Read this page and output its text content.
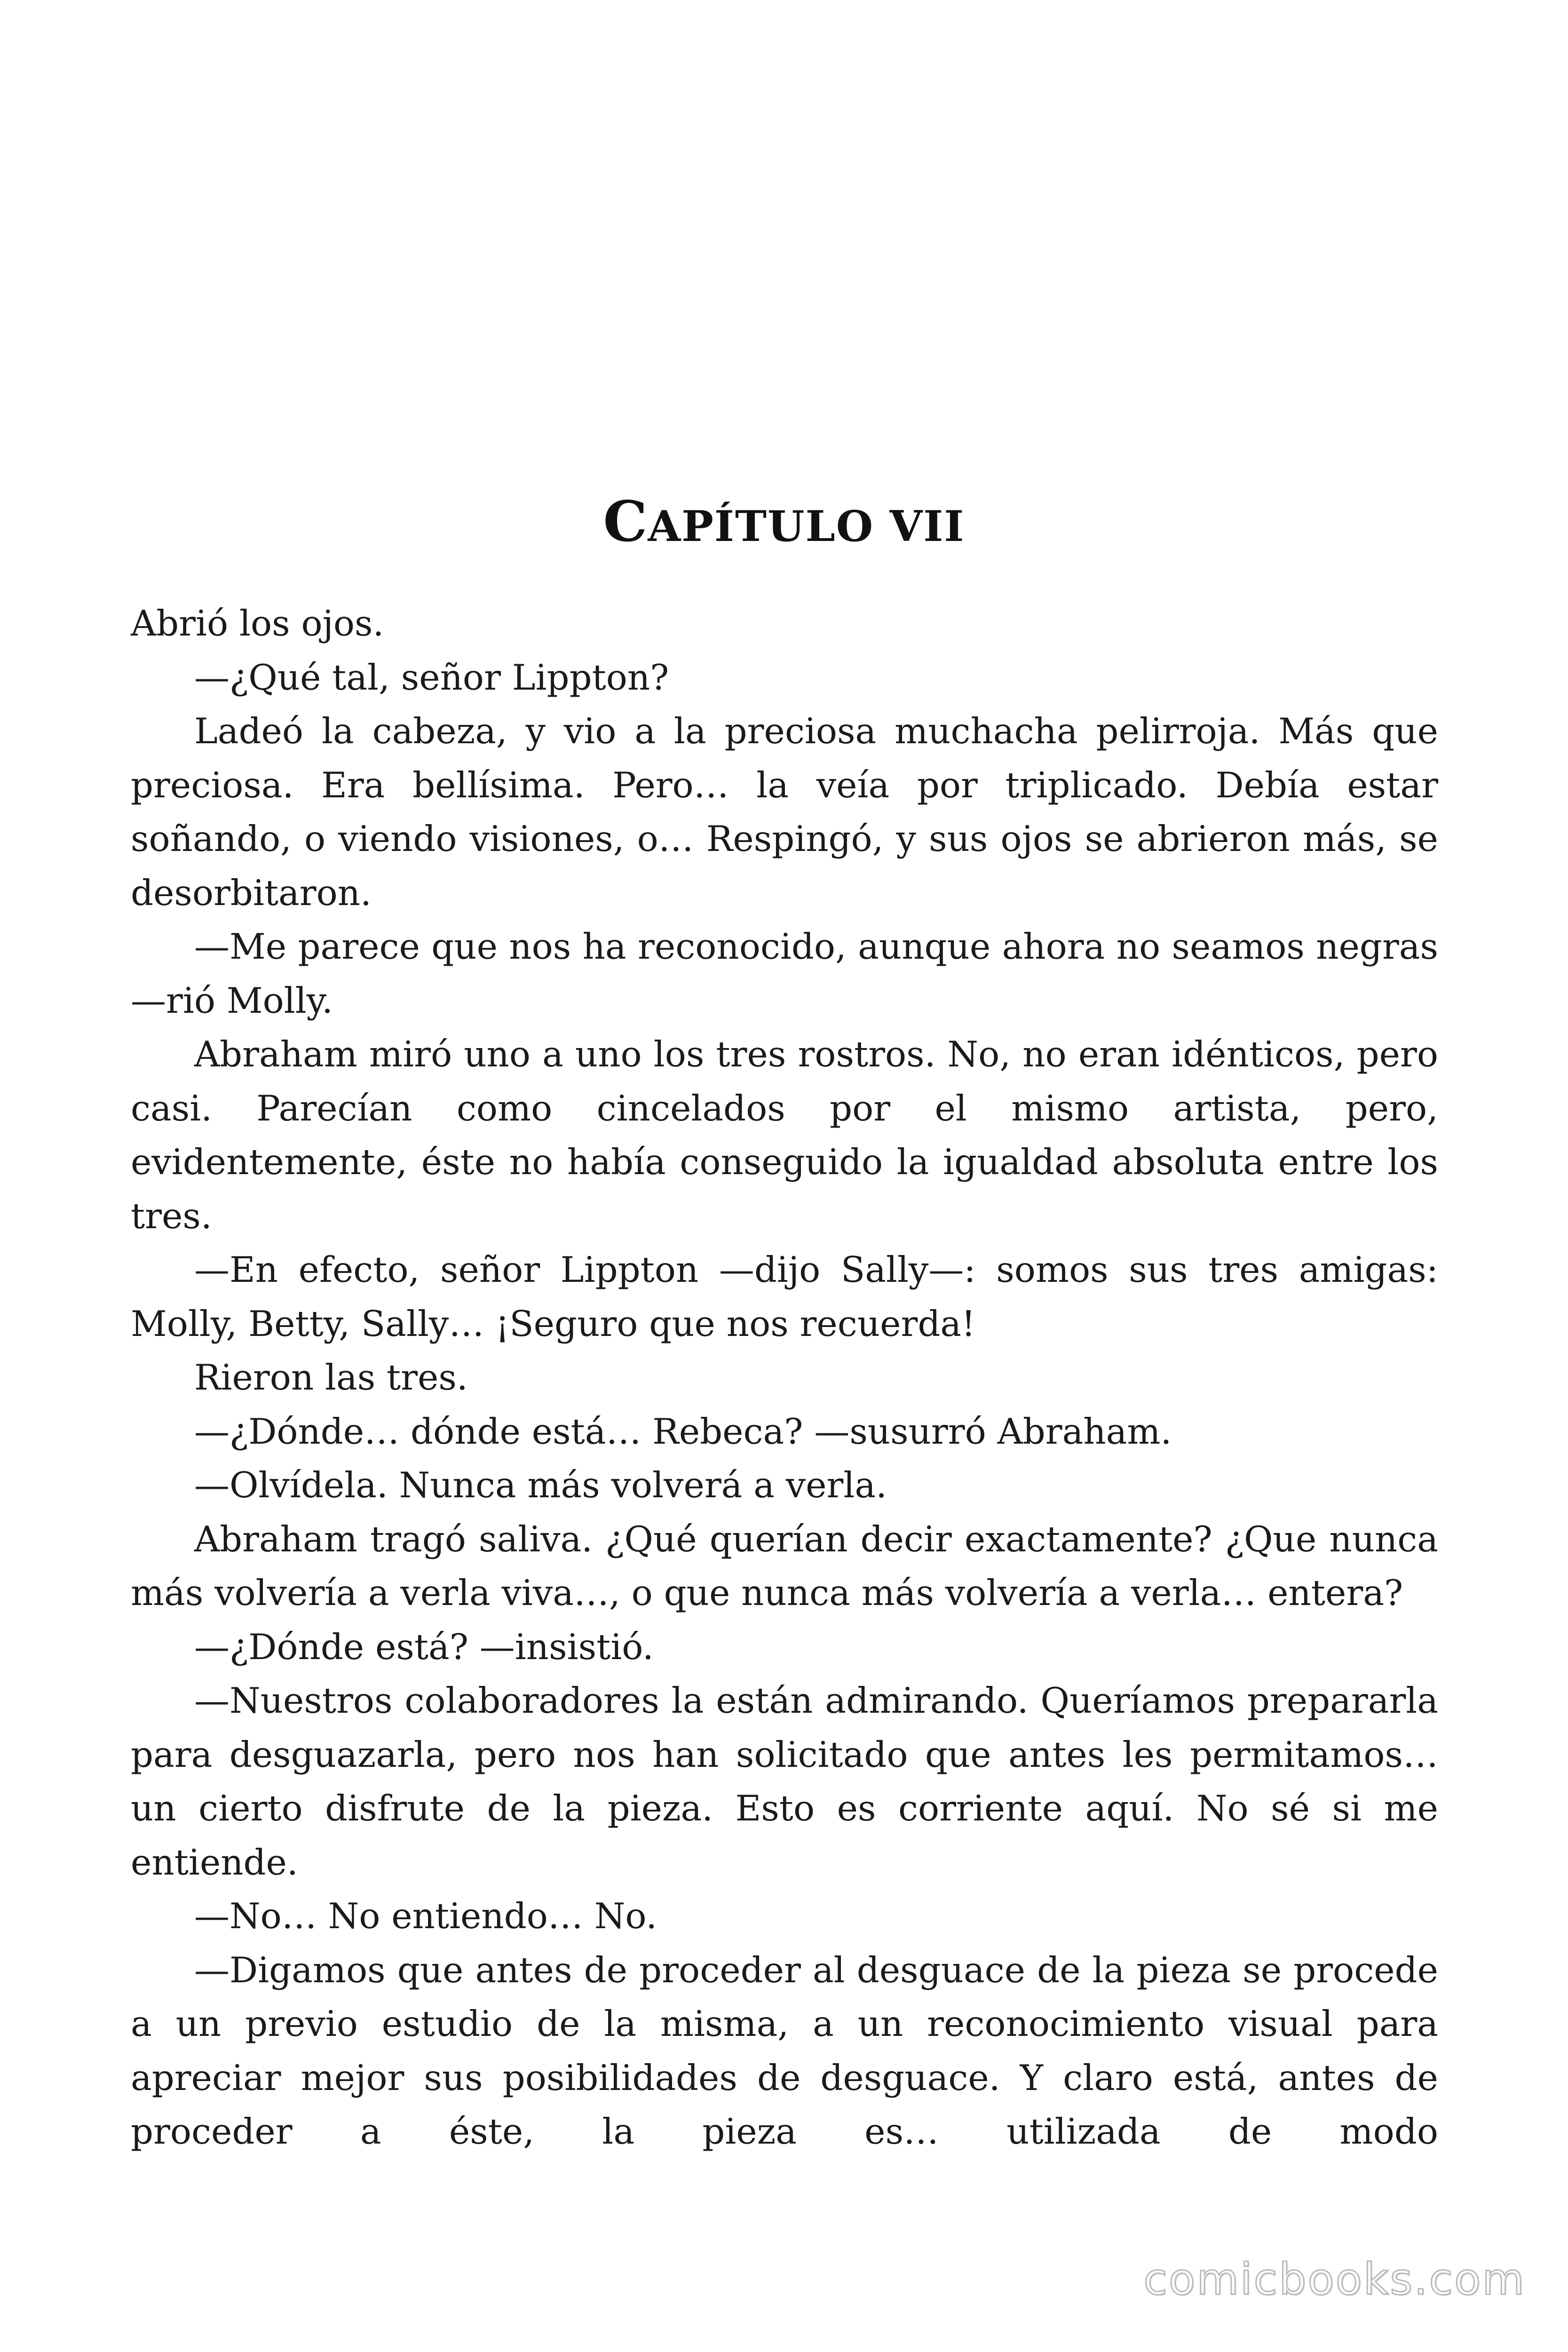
CAPÍTULO VII

Abrió los ojos.

—¿Qué tal, señor Lippton?

Ladeó la cabeza, y vio a la preciosa muchacha pelirroja. Más que preciosa. Era bellísima. Pero… la veía por triplicado. Debía estar soñando, o viendo visiones, o… Respingó, y sus ojos se abrieron más, se desorbitaron.

—Me parece que nos ha reconocido, aunque ahora no seamos negras —rió Molly.

Abraham miró uno a uno los tres rostros. No, no eran idénticos, pero casi. Parecían como cincelados por el mismo artista, pero, evidentemente, éste no había conseguido la igualdad absoluta entre los tres.

—En efecto, señor Lippton —dijo Sally—: somos sus tres amigas: Molly, Betty, Sally… ¡Seguro que nos recuerda!

Rieron las tres.

—¿Dónde… dónde está… Rebeca? —susurró Abraham.

—Olvídela. Nunca más volverá a verla.

Abraham tragó saliva. ¿Qué querían decir exactamente? ¿Que nunca más volvería a verla viva…, o que nunca más volvería a verla… entera?

—¿Dónde está? —insistió.

—Nuestros colaboradores la están admirando. Queríamos prepararla para desguazarla, pero nos han solicitado que antes les permitamos… un cierto disfrute de la pieza. Esto es corriente aquí. No sé si me entiende.

—No… No entiendo… No.

—Digamos que antes de proceder al desguace de la pieza se procede a un previo estudio de la misma, a un reconocimiento visual para apreciar mejor sus posibilidades de desguace. Y claro está, antes de proceder a éste, la pieza es… utilizada de modo

comicbooks.com
